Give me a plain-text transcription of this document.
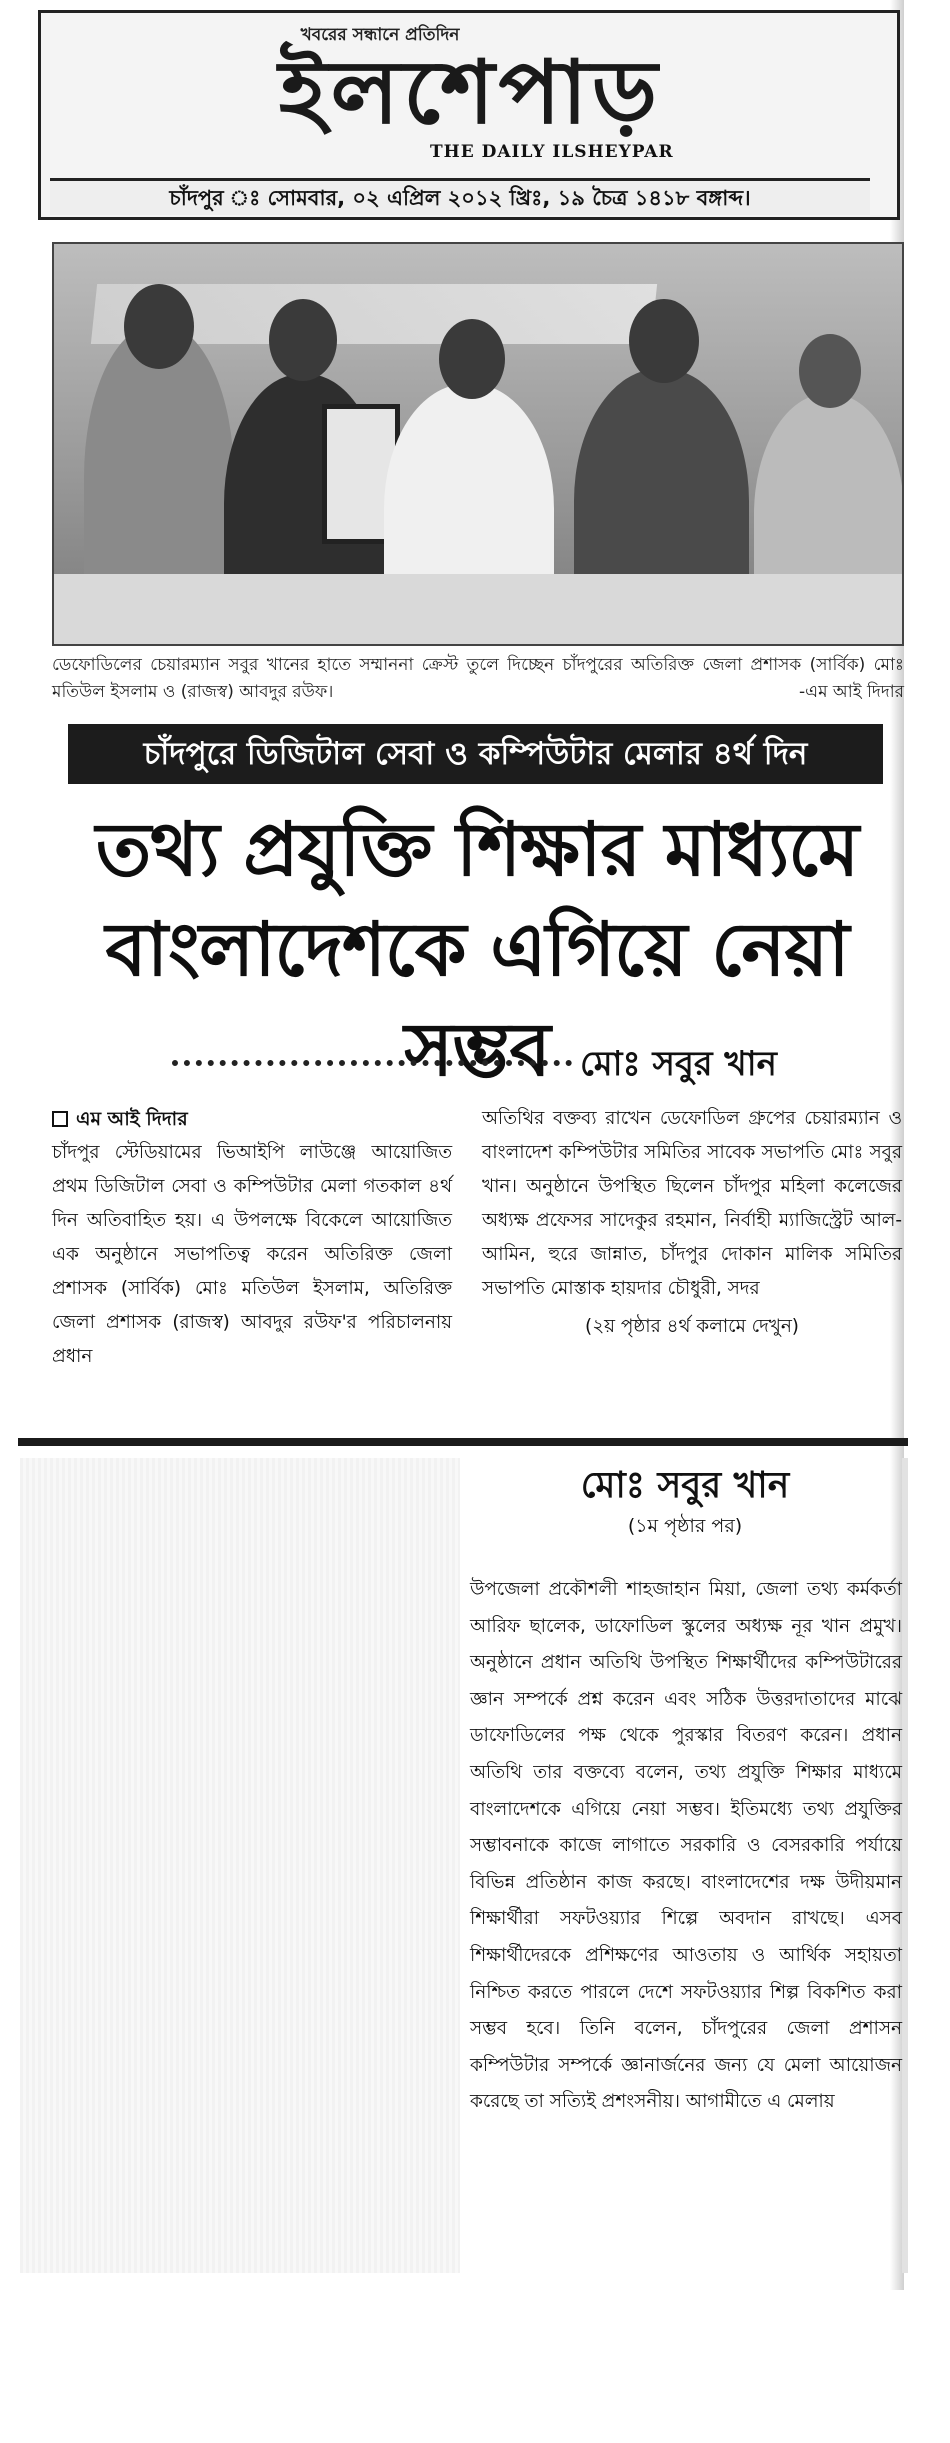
খবরের সন্ধানে প্রতিদিন
ইলশেপাড়
THE DAILY ILSHEYPAR
চাঁদপুর ঃ সোমবার, ০২ এপ্রিল ২০১২ খ্রিঃ, ১৯ চৈত্র ১৪১৮ বঙ্গাব্দ।
ডেফোডিলের চেয়ারম্যান সবুর খানের হাতে সম্মাননা ক্রেস্ট তুলে দিচ্ছেন চাঁদপুরের অতিরিক্ত জেলা প্রশাসক (সার্বিক) মোঃ মতিউল ইসলাম ও (রাজস্ব) আবদুর রউফ।	-এম আই দিদার
চাঁদপুরে ডিজিটাল সেবা ও কম্পিউটার মেলার ৪র্থ দিন
তথ্য প্রযুক্তি শিক্ষার মাধ্যমে
বাংলাদেশকে এগিয়ে নেয়া সম্ভব মোঃ সবুর খান
এম আই দিদার
চাঁদপুর স্টেডিয়ামের ভিআইপি লাউঞ্জে আয়োজিত প্রথম ডিজিটাল সেবা ও কম্পিউটার মেলা গতকাল ৪র্থ দিন অতিবাহিত হয়। এ উপলক্ষে বিকেলে আয়োজিত এক অনুষ্ঠানে সভাপতিত্ব করেন অতিরিক্ত জেলা প্রশাসক (সার্বিক) মোঃ মতিউল ইসলাম, অতিরিক্ত জেলা প্রশাসক (রাজস্ব) আবদুর রউফ'র পরিচালনায় প্রধান
অতিথির বক্তব্য রাখেন ডেফোডিল গ্রুপের চেয়ারম্যান ও বাংলাদেশ কম্পিউটার সমিতির সাবেক সভাপতি মোঃ সবুর খান। অনুষ্ঠানে উপস্থিত ছিলেন চাঁদপুর মহিলা কলেজের অধ্যক্ষ প্রফেসর সাদেকুর রহমান, নির্বাহী ম্যাজিস্ট্রেট আল-আমিন, হুরে জান্নাত, চাঁদপুর দোকান মালিক সমিতির সভাপতি মোস্তাক হায়দার চৌধুরী, সদর
(২য় পৃষ্ঠার ৪র্থ কলামে দেখুন)
মোঃ সবুর খান
(১ম পৃষ্ঠার পর)
উপজেলা প্রকৌশলী শাহজাহান মিয়া, জেলা তথ্য কর্মকর্তা আরিফ ছালেক, ডাফোডিল স্কুলের অধ্যক্ষ নূর খান প্রমুখ। অনুষ্ঠানে প্রধান অতিথি উপস্থিত শিক্ষার্থীদের কম্পিউটারের জ্ঞান সম্পর্কে প্রশ্ন করেন এবং সঠিক উত্তরদাতাদের মাঝে ডাফোডিলের পক্ষ থেকে পুরস্কার বিতরণ করেন। প্রধান অতিথি তার বক্তব্যে বলেন, তথ্য প্রযুক্তি শিক্ষার মাধ্যমে বাংলাদেশকে এগিয়ে নেয়া সম্ভব। ইতিমধ্যে তথ্য প্রযুক্তির সম্ভাবনাকে কাজে লাগাতে সরকারি ও বেসরকারি পর্যায়ে বিভিন্ন প্রতিষ্ঠান কাজ করছে। বাংলাদেশের দক্ষ উদীয়মান শিক্ষার্থীরা সফটওয়্যার শিল্পে অবদান রাখছে। এসব শিক্ষার্থীদেরকে প্রশিক্ষণের আওতায় ও আর্থিক সহায়তা নিশ্চিত করতে পারলে দেশে সফটওয়্যার শিল্প বিকশিত করা সম্ভব হবে। তিনি বলেন, চাঁদপুরের জেলা প্রশাসন কম্পিউটার সম্পর্কে জ্ঞানার্জনের জন্য যে মেলা আয়োজন করেছে তা সত্যিই প্রশংসনীয়। আগামীতে এ মেলায়
